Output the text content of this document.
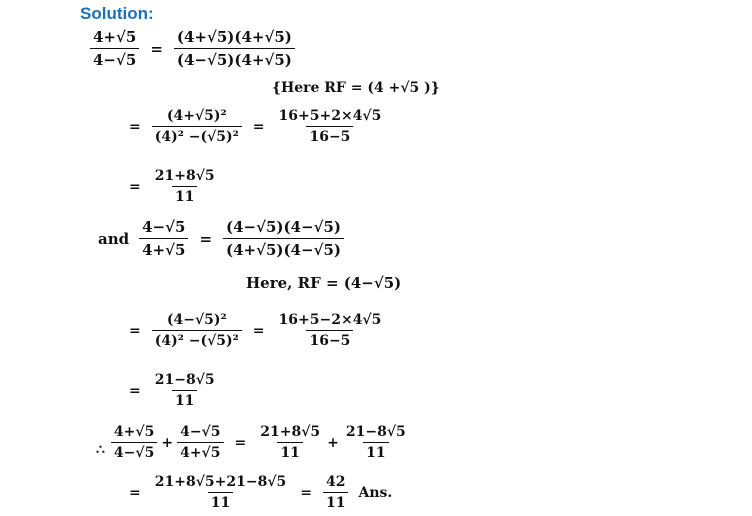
Solution:
$\frac{4+√5}{4-√5} = \frac{(4+√5)(4+√5)}{(4-√5)(4+√5)}$
{Here RF = (4 +√5 )}
= $\frac{\text{(4+√5)²}}{\text{(4)² −(√5)²}} = \frac{16+5+2\times 4√5}{16-5}$
= $\frac{21+8√5}{11}$
and $\frac{4-√5}{4+√5} = \frac{(4-√5)(4-√5)}{(4+√5)(4-√5)}$
Here, RF = (4−√5)
= $\frac{\text{(4−√5)²}}{\text{(4)² −(√5)²}} = \frac{16+5-2\times 4√5}{16-5}$
= $\frac{21-8√5}{11}$
∴ $\frac{4+√5}{4-√5} + \frac{4-√5}{4+√5} = \frac{21+8√5}{11} + \frac{21-8√5}{11}$
= $\frac{21+8√5+21-8√5}{11} = \frac{42}{11}$ Ans.
